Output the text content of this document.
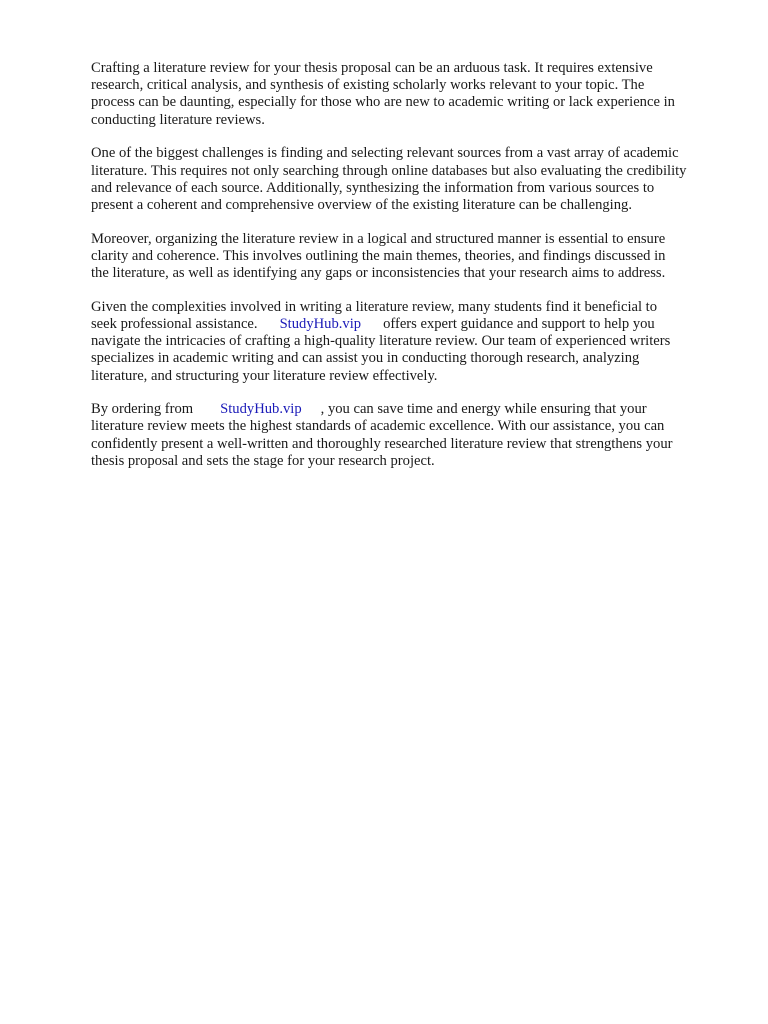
Crafting a literature review for your thesis proposal can be an arduous task. It requires extensive
research, critical analysis, and synthesis of existing scholarly works relevant to your topic. The
process can be daunting, especially for those who are new to academic writing or lack experience in
conducting literature reviews.

One of the biggest challenges is finding and selecting relevant sources from a vast array of academic
literature. This requires not only searching through online databases but also evaluating the credibility
and relevance of each source. Additionally, synthesizing the information from various sources to
present a coherent and comprehensive overview of the existing literature can be challenging.

Moreover, organizing the literature review in a logical and structured manner is essential to ensure
clarity and coherence. This involves outlining the main themes, theories, and findings discussed in
the literature, as well as identifying any gaps or inconsistencies that your research aims to address.

Given the complexities involved in writing a literature review, many students find it beneficial to
seek professional assistance. StudyHub.vip offers expert guidance and support to help you
navigate the intricacies of crafting a high-quality literature review. Our team of experienced writers
specializes in academic writing and can assist you in conducting thorough research, analyzing
literature, and structuring your literature review effectively.

By ordering from StudyHub.vip , you can save time and energy while ensuring that your
literature review meets the highest standards of academic excellence. With our assistance, you can
confidently present a well-written and thoroughly researched literature review that strengthens your
thesis proposal and sets the stage for your research project.
